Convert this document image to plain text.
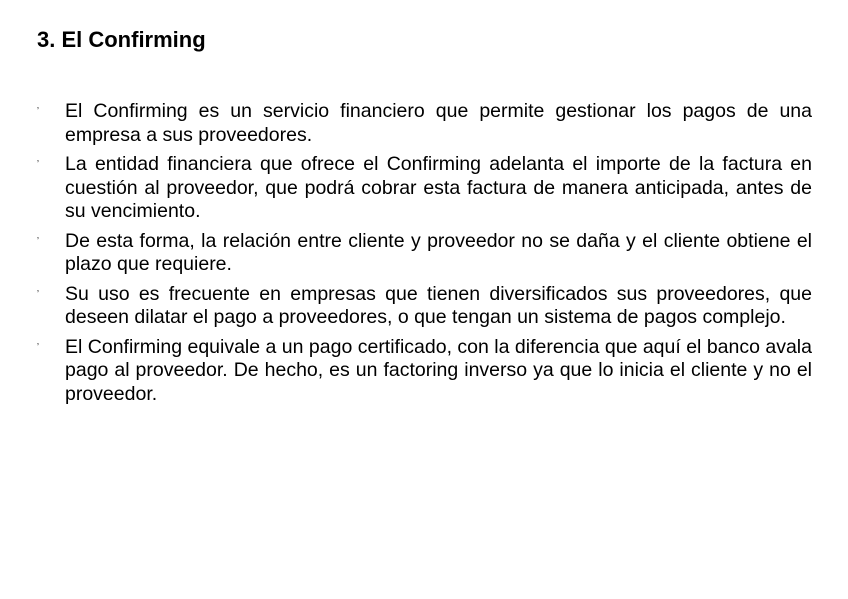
3. El Confirming
ʼ	El Confirming es un servicio financiero que permite gestionar los pagos de una empresa a sus proveedores.
ʼ	La entidad financiera que ofrece el Confirming adelanta el importe de la factura en cuestión al proveedor, que podrá cobrar esta factura de manera anticipada, antes de su vencimiento.
ʼ	De esta forma, la relación entre cliente y proveedor no se daña y el cliente obtiene el plazo que requiere.
ʼ	Su uso es frecuente en empresas que tienen diversificados sus proveedores, que deseen dilatar el pago a proveedores, o que tengan un sistema de pagos complejo.
ʼ	El Confirming equivale a un pago certificado, con la diferencia que aquí el banco avala pago al proveedor. De hecho, es un factoring inverso ya que lo inicia el cliente y no el proveedor.
